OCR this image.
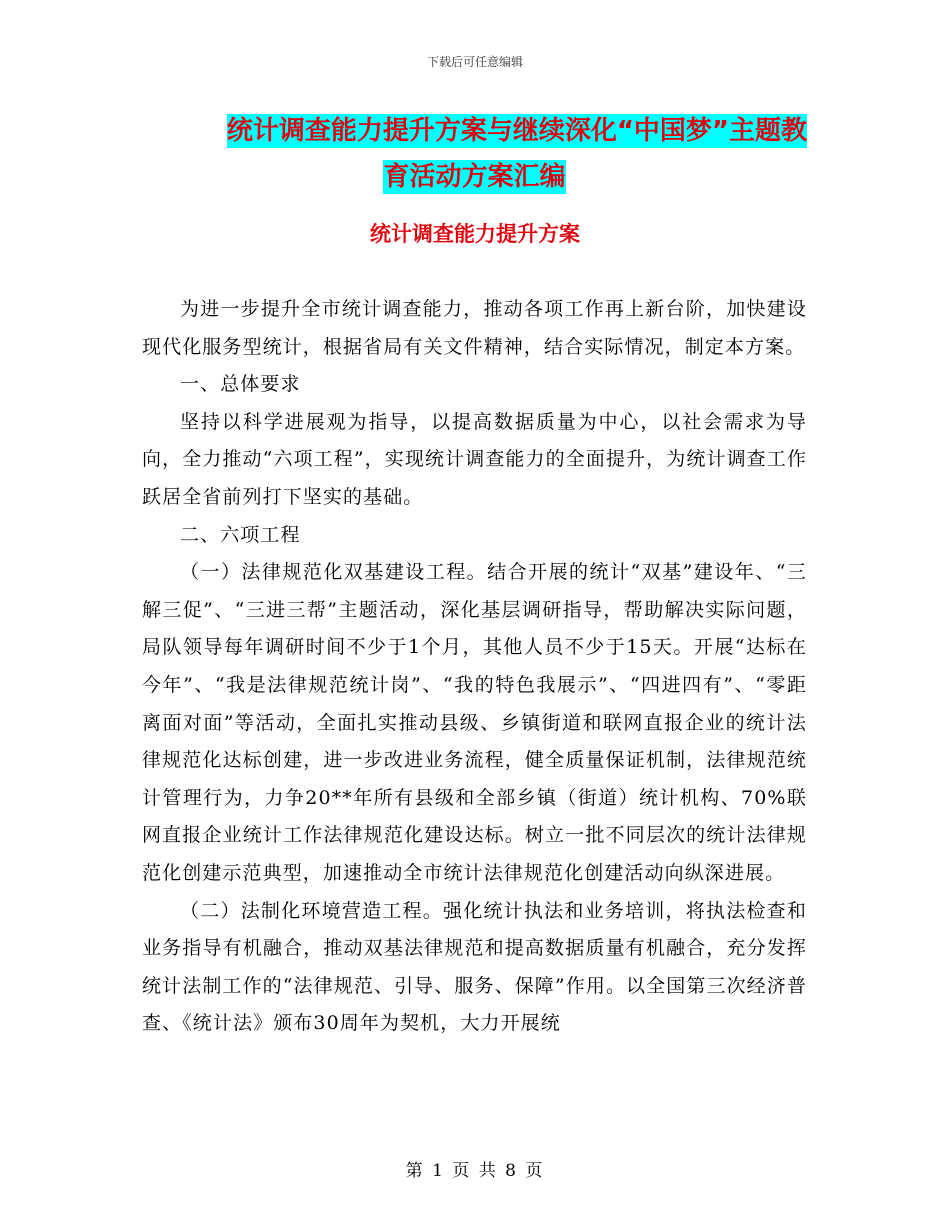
下载后可任意编辑
统计调查能力提升方案与继续深化“中国梦”主题教
育活动方案汇编
统计调查能力提升方案

为进一步提升全市统计调查能力，推动各项工作再上新台阶，加快建设现代化服务型统计，根据省局有关文件精神，结合实际情况，制定本方案。

一、总体要求

坚持以科学进展观为指导，以提高数据质量为中心，以社会需求为导向，全力推动“六项工程”，实现统计调查能力的全面提升，为统计调查工作跃居全省前列打下坚实的基础。

二、六项工程

（一）法律规范化双基建设工程。结合开展的统计“双基”建设年、“三解三促”、“三进三帮”主题活动，深化基层调研指导，帮助解决实际问题，局队领导每年调研时间不少于1个月，其他人员不少于15天。开展“达标在今年”、“我是法律规范统计岗”、“我的特色我展示”、“四进四有”、“零距离面对面”等活动，全面扎实推动县级、乡镇街道和联网直报企业的统计法律规范化达标创建，进一步改进业务流程，健全质量保证机制，法律规范统计管理行为，力争20**年所有县级和全部乡镇（街道）统计机构、70%联网直报企业统计工作法律规范化建设达标。树立一批不同层次的统计法律规范化创建示范典型，加速推动全市统计法律规范化创建活动向纵深进展。

（二）法制化环境营造工程。强化统计执法和业务培训，将执法检查和业务指导有机融合，推动双基法律规范和提高数据质量有机融合，充分发挥统计法制工作的“法律规范、引导、服务、保障”作用。以全国第三次经济普查、《统计法》颁布30周年为契机，大力开展统

第 1 页 共 8 页
